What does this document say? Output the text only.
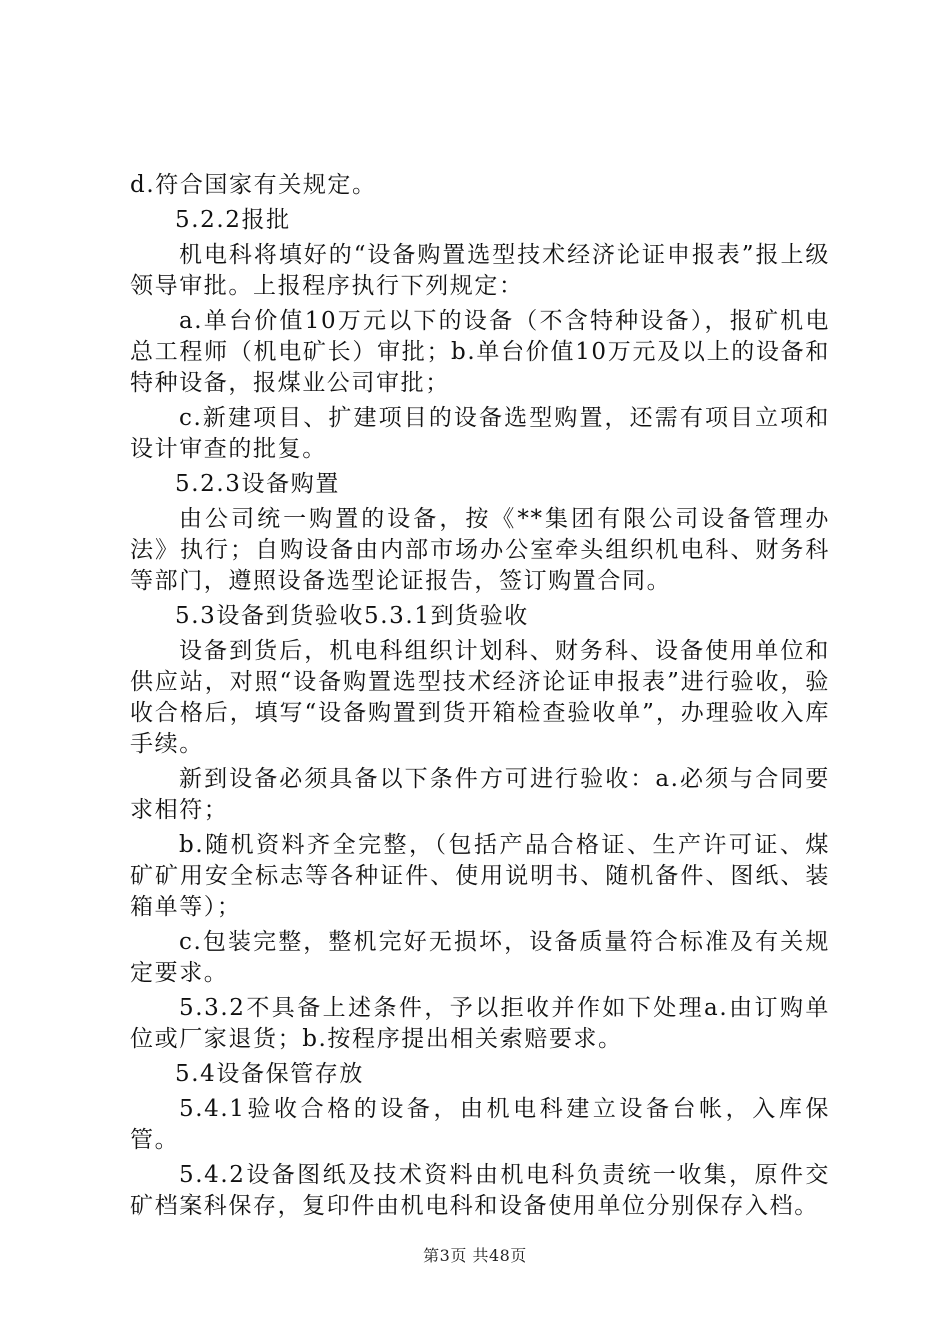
d.符合国家有关规定。

5.2.2报批

机电科将填好的“设备购置选型技术经济论证申报表”报上级领导审批。上报程序执行下列规定：

a.单台价值10万元以下的设备（不含特种设备），报矿机电总工程师（机电矿长）审批；b.单台价值10万元及以上的设备和特种设备，报煤业公司审批；

c.新建项目、扩建项目的设备选型购置，还需有项目立项和设计审查的批复。

5.2.3设备购置

由公司统一购置的设备，按《**集团有限公司设备管理办法》执行；自购设备由内部市场办公室牵头组织机电科、财务科等部门，遵照设备选型论证报告，签订购置合同。

5.3设备到货验收5.3.1到货验收

设备到货后，机电科组织计划科、财务科、设备使用单位和供应站，对照“设备购置选型技术经济论证申报表”进行验收，验收合格后，填写“设备购置到货开箱检查验收单”，办理验收入库手续。

新到设备必须具备以下条件方可进行验收：a.必须与合同要求相符；

b.随机资料齐全完整，（包括产品合格证、生产许可证、煤矿矿用安全标志等各种证件、使用说明书、随机备件、图纸、装箱单等）；

c.包装完整，整机完好无损坏，设备质量符合标准及有关规定要求。

5.3.2不具备上述条件，予以拒收并作如下处理a.由订购单位或厂家退货；b.按程序提出相关索赔要求。

5.4设备保管存放

5.4.1验收合格的设备，由机电科建立设备台帐，入库保管。

5.4.2设备图纸及技术资料由机电科负责统一收集，原件交矿档案科保存，复印件由机电科和设备使用单位分别保存入档。

第3页 共48页
